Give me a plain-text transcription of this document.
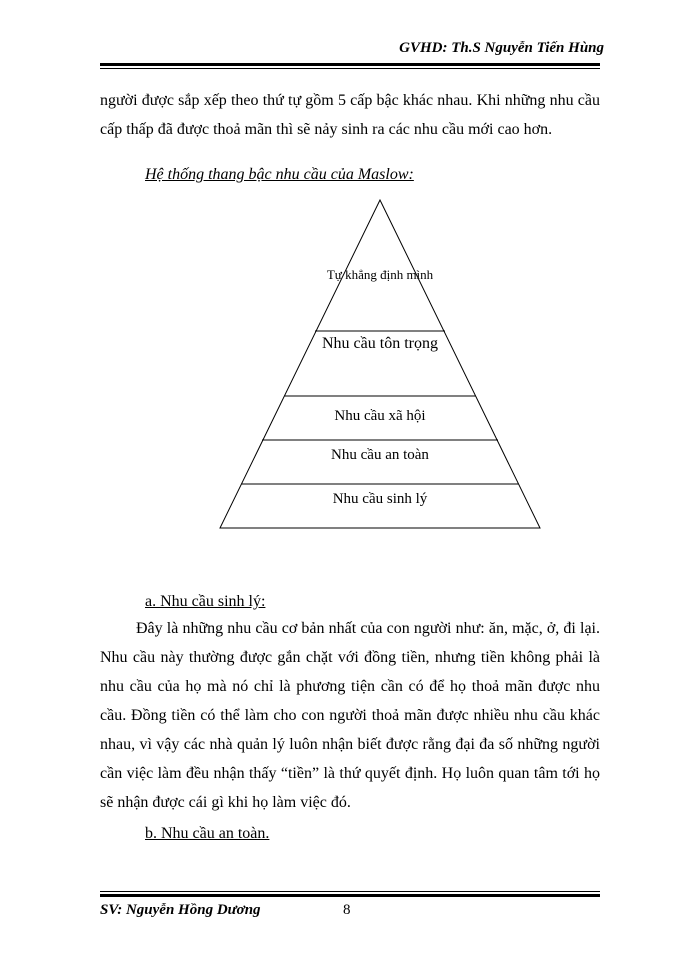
GVHD: Th.S Nguyễn Tiến Hùng
người được sắp xếp theo thứ tự gồm 5 cấp bậc khác nhau. Khi những nhu cầu cấp thấp đã được thoả mãn thì sẽ nảy sinh ra các nhu cầu mới cao hơn.
Hệ thống thang bậc nhu cầu của Maslow:
Tự khẳng định mình
Nhu cầu tôn trọng
Nhu cầu xã hội
Nhu cầu an toàn
Nhu cầu sinh lý
a. Nhu cầu sinh lý:
Đây là những nhu cầu cơ bản nhất của con người như: ăn, mặc, ở, đi lại. Nhu cầu này thường được gắn chặt với đồng tiền, nhưng tiền không phải là nhu cầu của họ mà nó chỉ là phương tiện cần có để họ thoả mãn được nhu cầu. Đồng tiền có thể làm cho con người thoả mãn được nhiều nhu cầu khác nhau, vì vậy các nhà quản lý luôn nhận biết được rằng đại đa số những người cần việc làm đều nhận thấy “tiền” là thứ quyết định. Họ luôn quan tâm tới họ sẽ nhận được cái gì khi họ làm việc đó.
b. Nhu cầu an toàn.
SV: Nguyễn Hồng Dương	8
